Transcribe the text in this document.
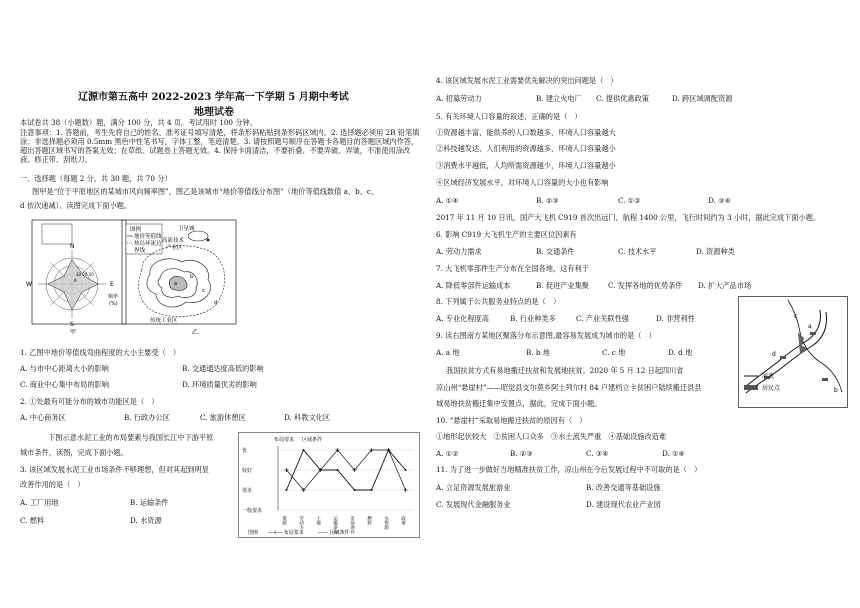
辽源市第五高中 2022-2023 学年高一下学期 5 月期中考试
地理试卷
本试卷共 38（小题数）题，满分 100 分，共 4 页。考试用时 100 分钟。
注意事项：1. 答题前，考生先将自己的姓名、准考证号填写清楚，将条形码粘贴到条形码区域内。2. 选择题必须用 2B 铅笔填涂；非选择题必须用 0.5mm 黑色中性笔书写，字体工整，笔迹清楚。3. 请按照题号顺序在答题卡各题目的答题区域内作答，超出答题区域书写的答案无效；在草纸、试题卷上答题无效。4. 保持卡面清洁，不要折叠、不要弄破、弄皱，不准使用涂改液、修正带、刮纸刀。
一、选择题（每题 2 分，共 30 题，共 70 分）
图甲是“位于平原地区的某城市风向频率图”，图乙是该城市“地价等值线分布图”（地价等值线数值 a、b、c、
d 依次递减）。读图完成下面小题。
W	E
N
S
甲
0
30 20 10
频率
(%)
图例
地价等值线
热岛环流边
界线
卫星城
高新技术
产业区
传统工业区
乙
a
b
c
d
1. 乙图中地价等值线弯曲程度的大小主要受（　）
A. 与市中心距离大小的影响	B. 交通通达度高低的影响
C. 商业中心集中布局的影响	D. 环境质量优劣的影响
2. ①处最有可能分布的城市功能区是（　）
A. 中心商务区	B. 行政办公区	C. 旅游休憩区	D. 科教文化区
下图示意水泥工业的布局要素与我国长江中下游平原
城市条件，读图，完成下面小题。
3. 该区域发展水泥工业市场条件不够理想，但对其起到明显
改善作用的是（　）
A. 工厂用地	B. 运输条件
C. 燃料	D. 水资源
布局要求 区域条件
一般要求
要求
较好
优
资源	劳动力	土地	运输条件	市场条件	燃料	水资源	政策
图例 —+— 布局要求	—— 区域条件
4. 该区域发展水泥工业需要优先解决的突出问题是（　）
A. 招募劳动力	B. 建立火电厂 C. 提供优惠政策	D. 跨区域调配资源
5. 有关环境人口容量的叙述，正确的是（　）
①资源越丰富，能供养的人口数越多，环境人口容量越大
②科技越发达，人们利用的资源越多，环境人口容量越小
③消费水平越低，人均所需资源越少，环境人口容量越小
④区域经济发展水平，对环境人口容量的大小也有影响
A. ①④	B. ②③	C. ①②	D. ③④
2017 年 11 月 10 日讯，国产大飞机 C919 首次出远门，航程 1400 公里，飞行时间约为 3 小时，据此完成下面小题。
6. 影响 C919 大飞机生产的主要区位因素有
A. 劳动力需求	B. 交通条件	C. 技术水平	D. 资源种类
7. 大飞机零部件生产分布在全国各地，这有利于
A. 降低零部件运输成本	B. 促进产业集聚	C. 发挥各地的优势条件 D. 扩大产品市场
8. 下列属于公共服务业特点的是（　）
A. 专业化程度高	B. 行业种类多	C. 产业关联性强	D. 非营利性
9. 读右图南方某地区聚落分布示意图,最容易发展成为城市的是（　）
A. a 地	B. b 地	C. c 地	D. d 地
我国扶贫方式有易地搬迁扶贫和发展地扶贫。2020 年 5 月 12 日起四川省
凉山州“悬崖村”——昭觉县支尔莫乡阿土列尔村 84 户建档立卡贫困户陆续搬迁县县
城易地扶贫搬迁集中安置点，据此，完成下面小题。
10. “悬崖村”采取易地搬迁扶贫的原因有（　）
①地形起伏较大　②贫困人口众多　③水土流失严重　④基础设施改造难
A. ①②	B. ②③	C. ③④	D. ①④
11. 为了进一步做好当地精准扶贫工作，凉山州在今后发展过程中不可取的是（　）
A. 立足资源发展旅游业	B. 改善交通等基础设施
C. 发展现代金融服务业	D. 建设现代农业产业园
a
b
c
d
河流
居民点
